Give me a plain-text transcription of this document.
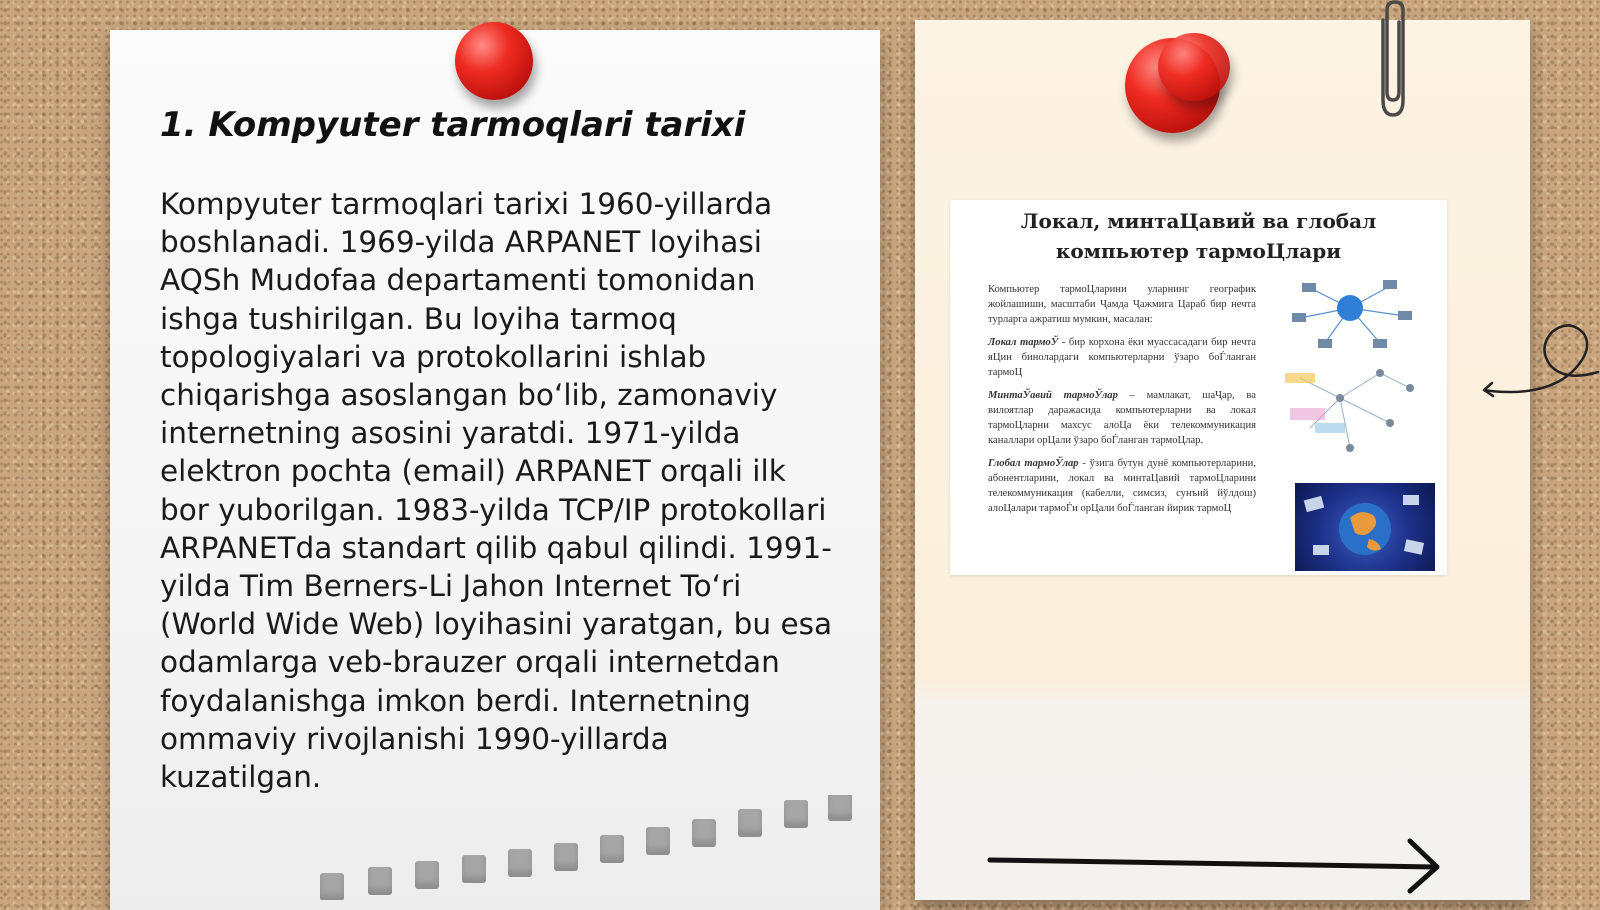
1. Kompyuter tarmoqlari tarixi

Kompyuter tarmoqlari tarixi 1960-yillarda boshlanadi. 1969-yilda ARPANET loyihasi AQSh Mudofaa departamenti tomonidan ishga tushirilgan. Bu loyiha tarmoq topologiyalari va protokollarini ishlab chiqarishga asoslangan bo‘lib, zamonaviy internetning asosini yaratdi. 1971-yilda elektron pochta (email) ARPANET orqali ilk bor yuborilgan. 1983-yilda TCP/IP protokollari ARPANETda standart qilib qabul qilindi. 1991-yilda Tim Berners-Li Jahon Internet To‘ri (World Wide Web) loyihasini yaratgan, bu esa odamlarga veb-brauzer orqali internetdan foydalanishga imkon berdi. Internetning ommaviy rivojlanishi 1990-yillarda kuzatilgan.

Локал, минтаЦавий ва глобал
компьютер тармоЦлари

Компьютер тармоЦларини уларнинг географик жойлашиши, масштаби Ҷамда Ҷажмига Цараб бир нечта турларга ажратиш мумкин, масалан:

Локал тармоЎ - бир корхона ёки муассасадаги бир нечта яЦин бинолардаги компьютерларни ўзаро боЃланган тармоЦ

МинтаЎавий тармоЎлар – мамлакат, шаҶар, ва вилоятлар даражасида компьютерларни ва локал тармоЦларни махсус алоЦа ёки телекоммуникация каналлари орЦали ўзаро боЃланган тармоЦлар.

Глобал тармоЎлар - ўзига бутун дунё компьютерларини, абонентларини, локал ва минтаЦавий тармоЦларини телекоммуникация (кабелли, симсиз, сунъий йўлдош) алоЦалари тармоЃи орЦали боЃланган йирик тармоЦ
